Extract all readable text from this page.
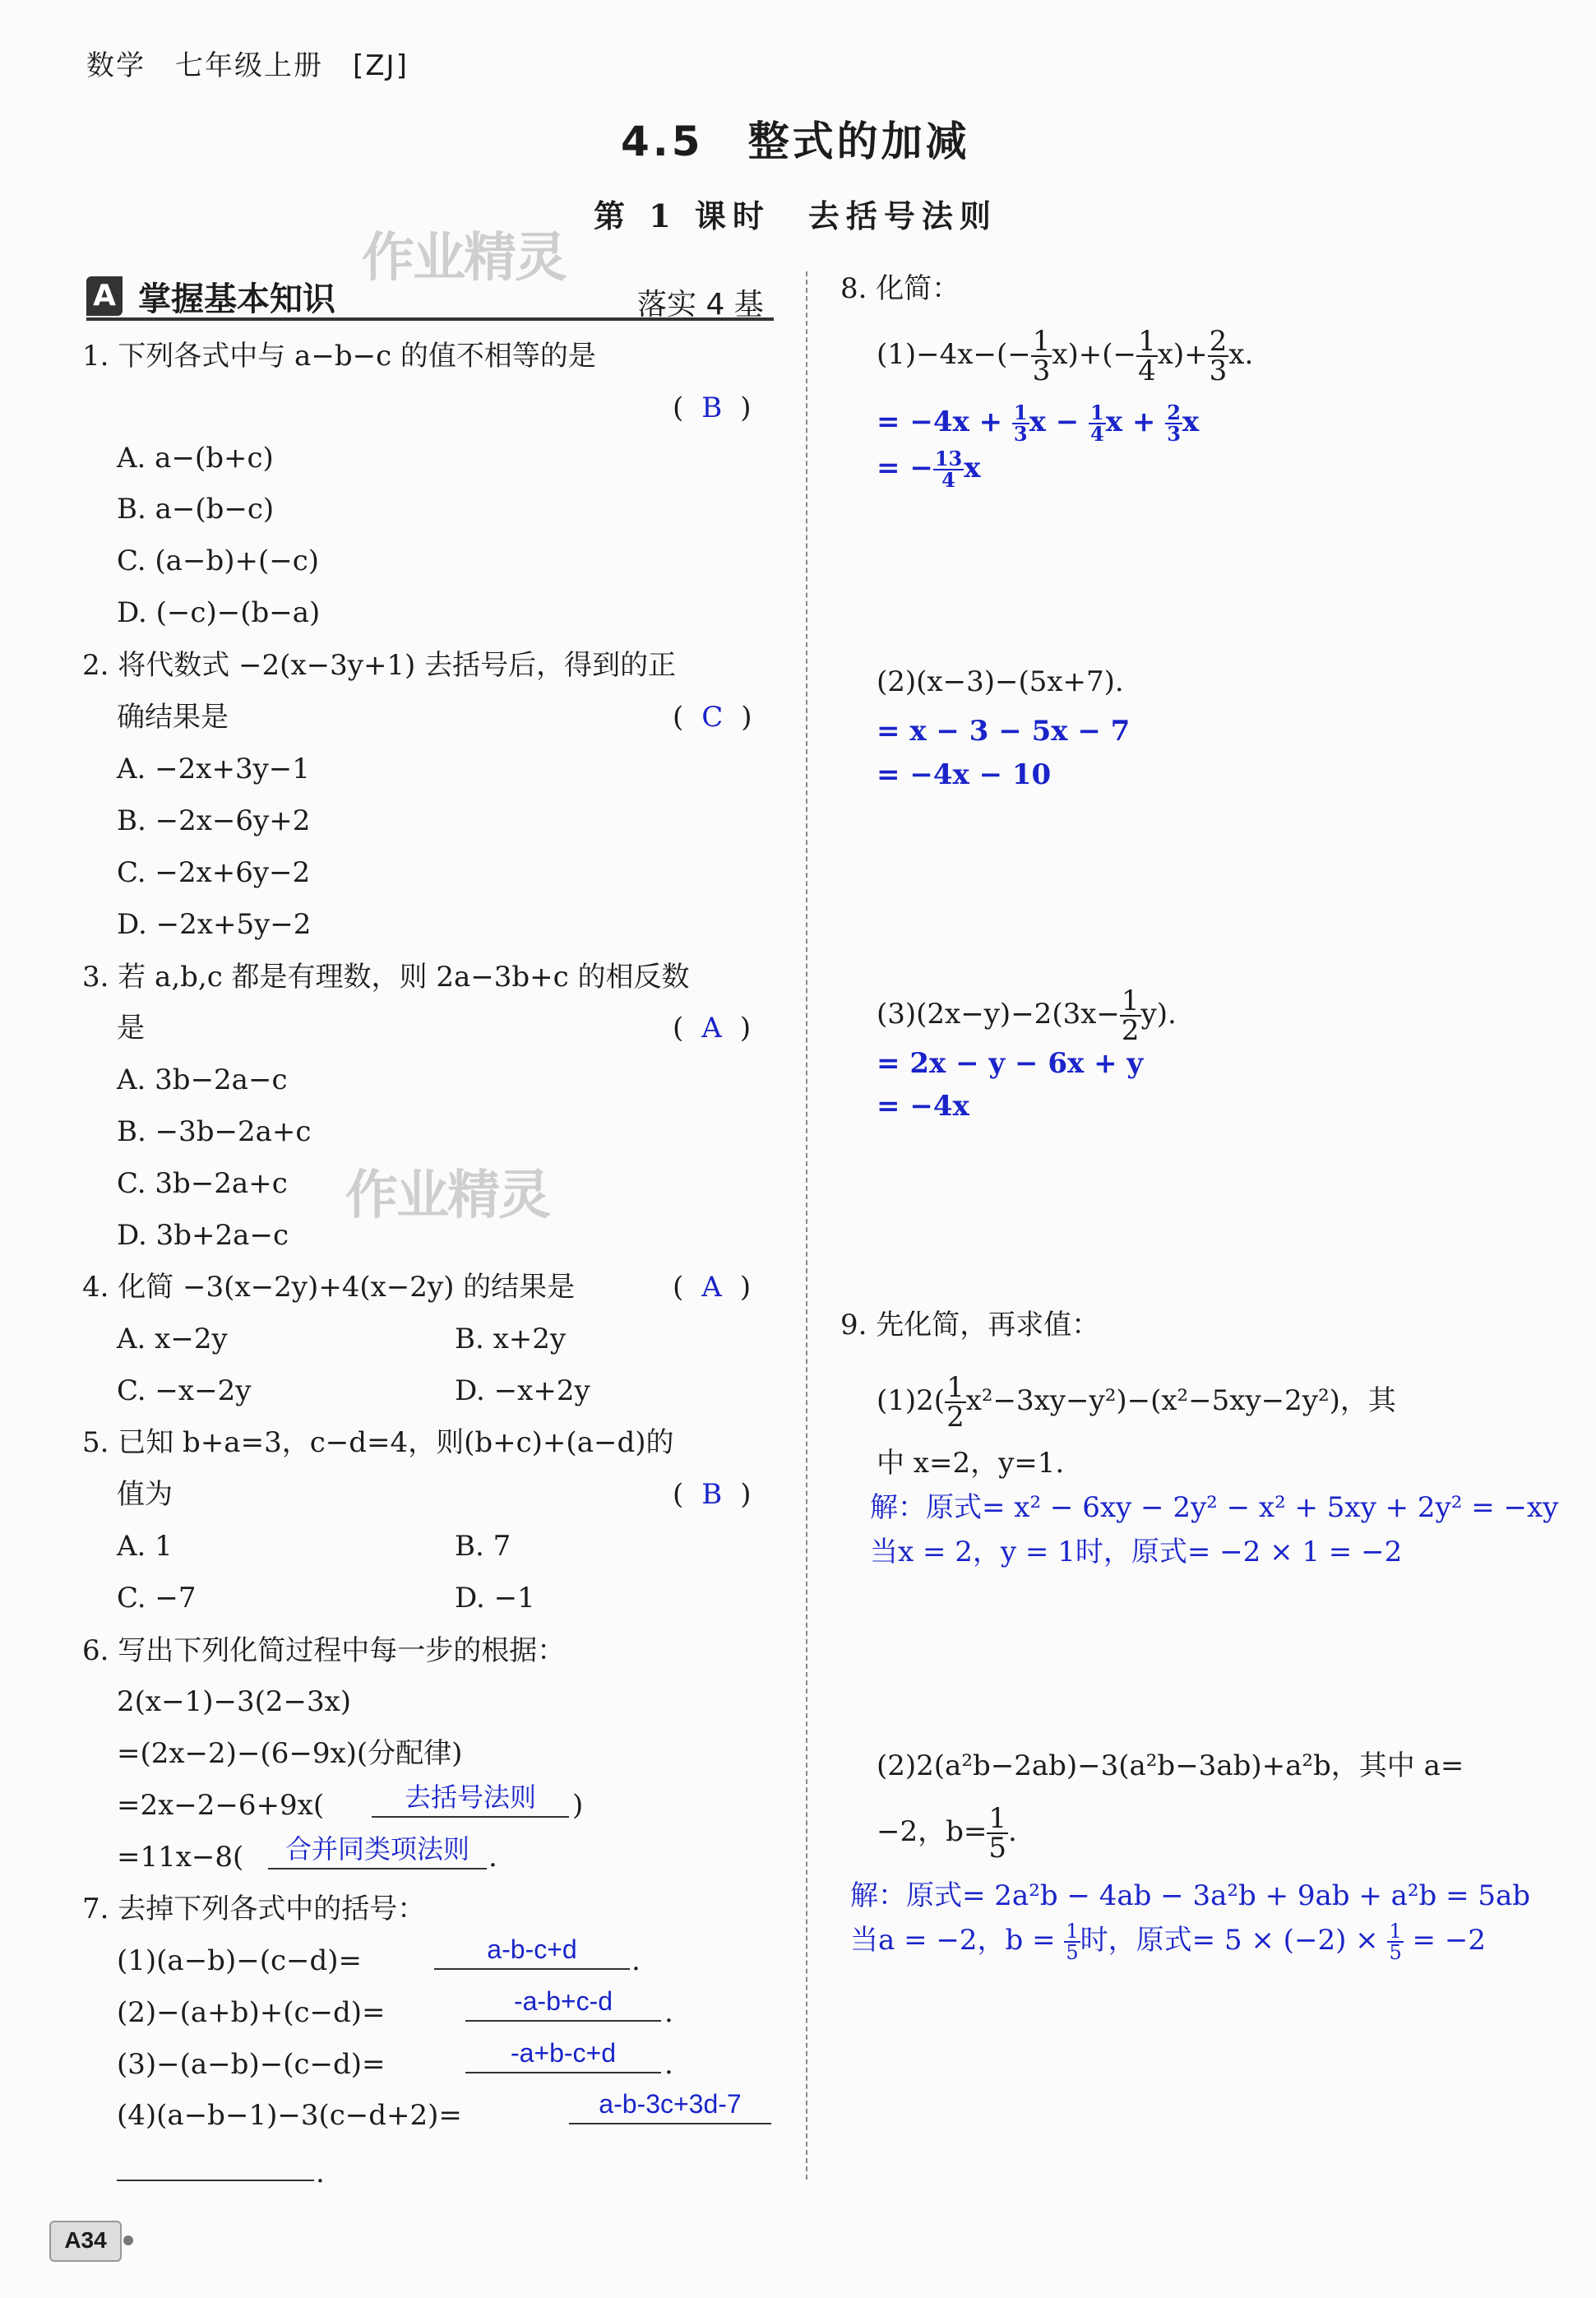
数学　 七年级上册　 [ZJ]
4.5　整式的加减
第 1 课时　去括号法则
作业精灵
作业精灵
A 掌握基本知识	落实 4 基
1. 下列各式中与 a−b−c 的值不相等的是
( B )
A. a−(b+c)
B. a−(b−c)
C. (a−b)+(−c)
D. (−c)−(b−a)
2. 将代数式 −2(x−3y+1) 去括号后，得到的正
确结果是	( C )
A. −2x+3y−1
B. −2x−6y+2
C. −2x+6y−2
D. −2x+5y−2
3. 若 a,b,c 都是有理数，则 2a−3b+c 的相反数
是	( A )
A. 3b−2a−c
B. −3b−2a+c
C. 3b−2a+c
D. 3b+2a−c
4. 化简 −3(x−2y)+4(x−2y) 的结果是	( A )
A. x−2y	B. x+2y
C. −x−2y	D. −x+2y
5. 已知 b+a=3，c−d=4，则(b+c)+(a−d)的
值为	( B )
A. 1	B. 7
C. −7	D. −1
6. 写出下列化简过程中每一步的根据：
2(x−1)−3(2−3x)
=(2x−2)−(6−9x)(分配律)
=2x−2−6+9x(	去括号法则	)
=11x−8(	合并同类项法则 .
7. 去掉下列各式中的括号：
(1)(a−b)−(c−d)=	a-b-c+d	.
(2)−(a+b)+(c−d)=	-a-b+c-d	.
(3)−(a−b)−(c−d)=	-a+b-c+d	.
(4)(a−b−1)−3(c−d+2)=	a-b-3c+3d-7
.
8. 化简：
$(1)-4x-(- \frac{1}{3} x)+(- \frac{1}{4} x)+ \frac{2}{3} x$.
= $-4x + \frac{1}{3}$ $x - \frac{1}{4}$ $x + \frac{2}{3}$ x
= − $\frac{13}{4}$ x
(2)(x−3)−(5x+7).
= x − 3 − 5x − 7
= −4x − 10
$(3)(2x-y)-2(3x- \frac{1}{2} y)$.
= 2x − y − 6x + y
= −4x
9. 先化简，再求值：
$(1)2( \frac{1}{2} x^2-3xy-y^2)-(x^2-5xy-2y^2)$，其
中 x=2，y=1.
解：原式= x² − 6xy − 2y² − x² + 5xy + 2y² = −xy
当x = 2，y = 1时，原式= −2 × 1 = −2
(2)2(a²b−2ab)−3(a²b−3ab)+a²b，其中 a=
−2，$b= \frac{1}{5}$ .
解：原式= 2a²b − 4ab − 3a²b + 9ab + a²b = 5ab
当a = −2，$b = \frac{1}{5}$ 时，原式= $5 \times (-2) \times \frac{1}{5} = -2$
A34
